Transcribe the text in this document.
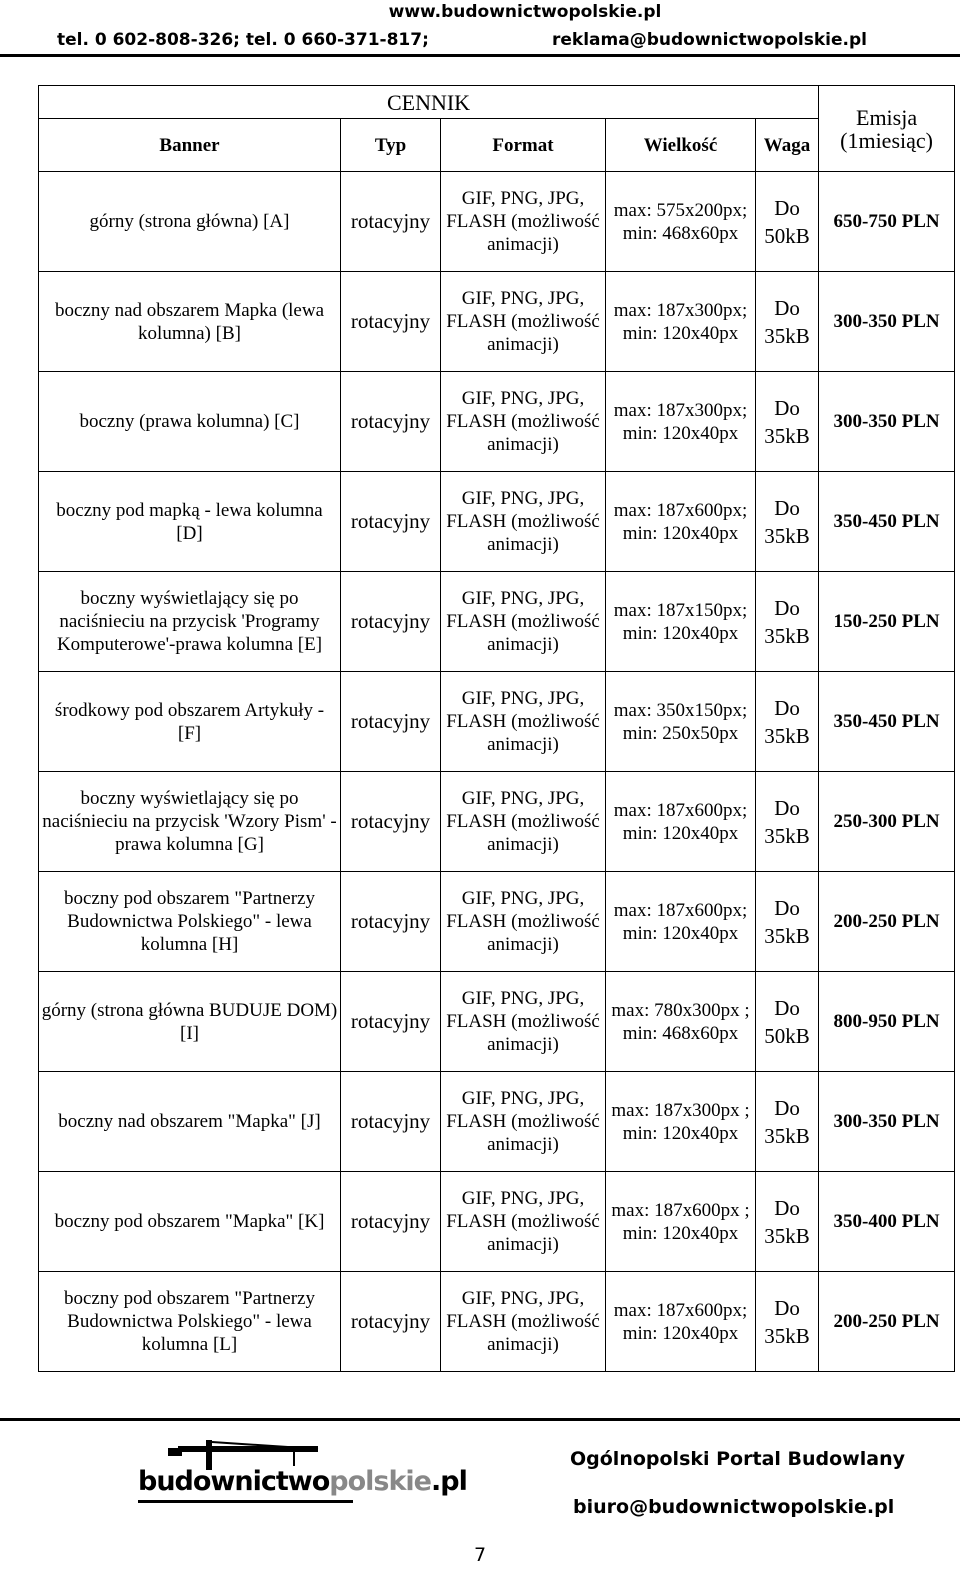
www.budownictwopolskie.pl
tel. 0 602-808-326; tel. 0 660-371-817;	reklama@budownictwopolskie.pl
CENNIK					Emisja (1miesiąc)
Banner	Typ	Format	Wielkość	Waga	
górny (strona główna) [A]	rotacyjny	GIF, PNG, JPG, FLASH (możliwość animacji)	max: 575x200px; min: 468x60px	Do 50kB	650-750 PLN
boczny nad obszarem Mapka (lewa kolumna) [B]	rotacyjny	GIF, PNG, JPG, FLASH (możliwość animacji)	max: 187x300px; min: 120x40px	Do 35kB	300-350 PLN
boczny (prawa kolumna) [C]	rotacyjny	GIF, PNG, JPG, FLASH (możliwość animacji)	max: 187x300px; min: 120x40px	Do 35kB	300-350 PLN
boczny pod mapką - lewa kolumna [D]	rotacyjny	GIF, PNG, JPG, FLASH (możliwość animacji)	max: 187x600px; min: 120x40px	Do 35kB	350-450 PLN
boczny wyświetlający się po naciśnieciu na przycisk 'Programy Komputerowe'-prawa kolumna [E]	rotacyjny	GIF, PNG, JPG, FLASH (możliwość animacji)	max: 187x150px; min: 120x40px	Do 35kB	150-250 PLN
środkowy pod obszarem Artykuły - [F]	rotacyjny	GIF, PNG, JPG, FLASH (możliwość animacji)	max: 350x150px; min: 250x50px	Do 35kB	350-450 PLN
boczny wyświetlający się po naciśnieciu na przycisk 'Wzory Pism' - prawa kolumna [G]	rotacyjny	GIF, PNG, JPG, FLASH (możliwość animacji)	max: 187x600px; min: 120x40px	Do 35kB	250-300 PLN
boczny pod obszarem "Partnerzy Budownictwa Polskiego" - lewa kolumna [H]	rotacyjny	GIF, PNG, JPG, FLASH (możliwość animacji)	max: 187x600px; min: 120x40px	Do 35kB	200-250 PLN
górny (strona główna BUDUJE DOM) [I]	rotacyjny	GIF, PNG, JPG, FLASH (możliwość animacji)	max: 780x300px ; min: 468x60px	Do 50kB	800-950 PLN
boczny nad obszarem "Mapka" [J]	rotacyjny	GIF, PNG, JPG, FLASH (możliwość animacji)	max: 187x300px ; min: 120x40px	Do 35kB	300-350 PLN
boczny pod obszarem "Mapka" [K]	rotacyjny	GIF, PNG, JPG, FLASH (możliwość animacji)	max: 187x600px ; min: 120x40px	Do 35kB	350-400 PLN
boczny pod obszarem "Partnerzy Budownictwa Polskiego" - lewa kolumna [L]	rotacyjny	GIF, PNG, JPG, FLASH (możliwość animacji)	max: 187x600px; min: 120x40px	Do 35kB	200-250 PLN
budownictwopolskie.pl
Ogólnopolski Portal Budowlany
biuro@budownictwopolskie.pl
7
